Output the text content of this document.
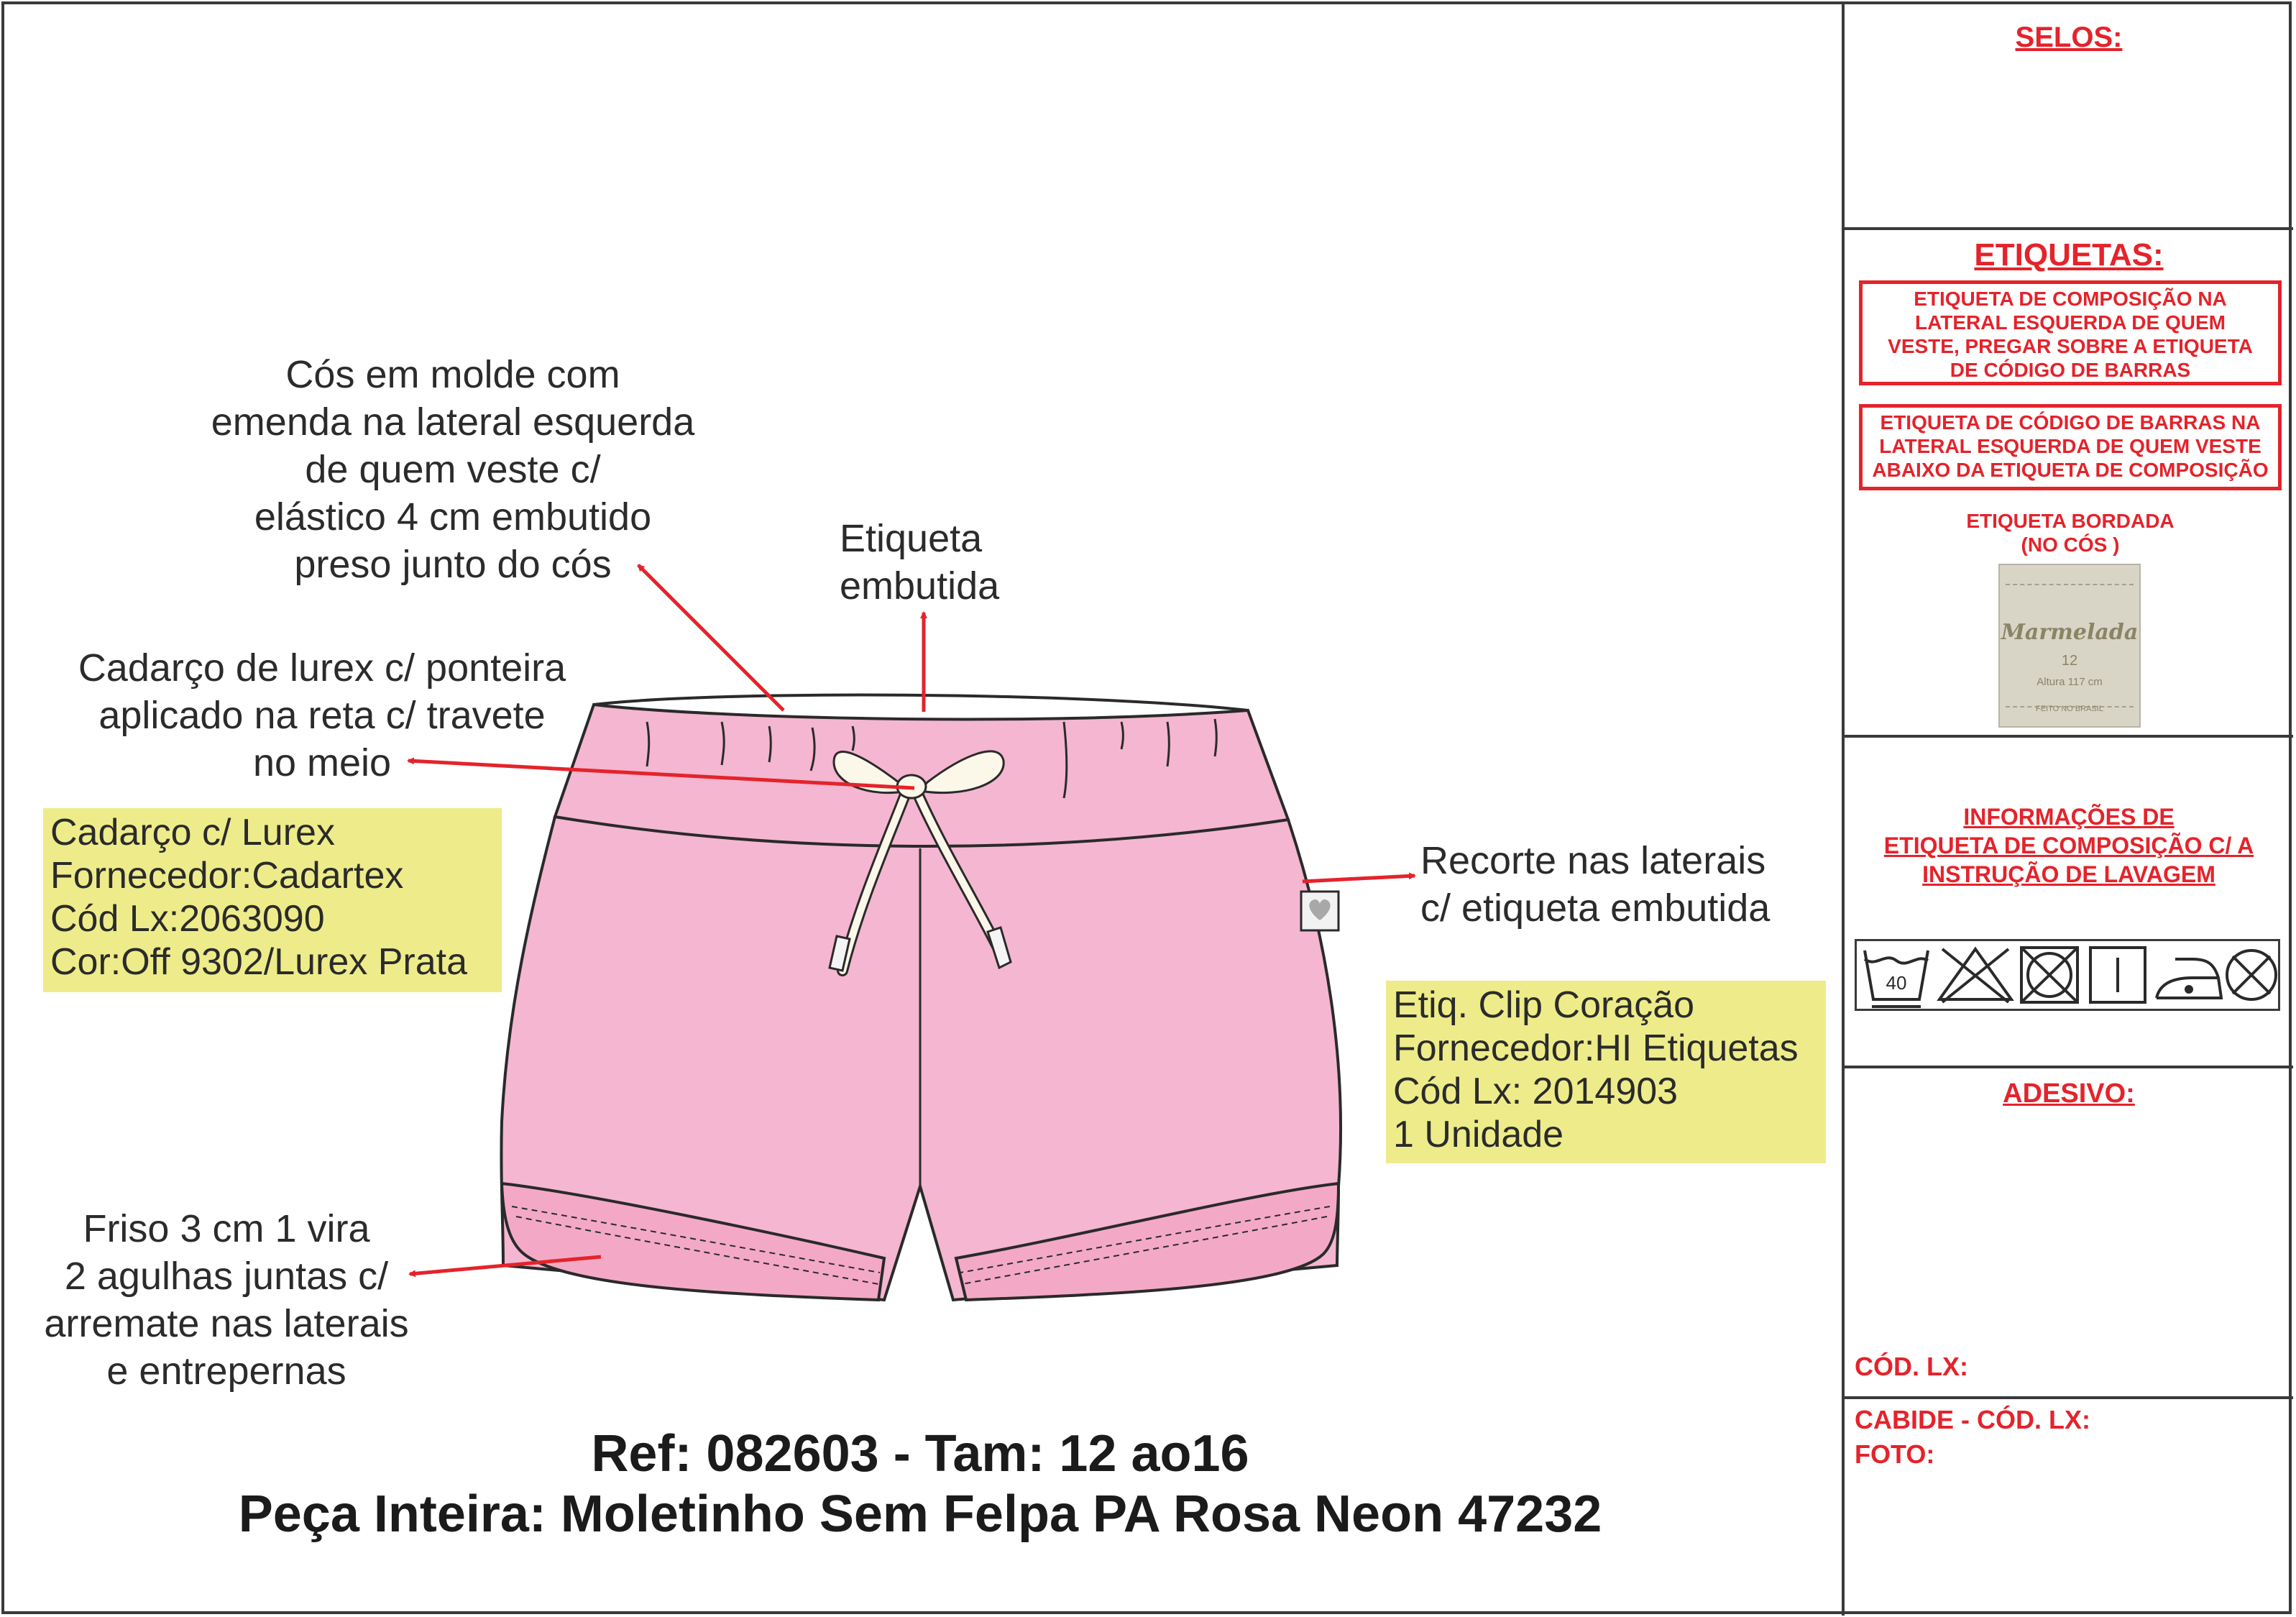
Cós em molde com
emenda na lateral esquerda
de quem veste c/
elástico 4 cm embutido
preso junto do cós
Etiqueta
embutida
Cadarço de lurex c/ ponteira
aplicado na reta c/ travete
no meio
Recorte nas laterais
c/ etiqueta embutida
Friso 3 cm 1 vira
2 agulhas juntas c/
arremate nas laterais
e entrepernas
Cadarço c/ Lurex
Fornecedor:Cadartex
Cód Lx:2063090
Cor:Off 9302/Lurex Prata
Etiq. Clip Coração
Fornecedor:HI Etiquetas
Cód Lx: 2014903
1 Unidade
Ref: 082603 - Tam: 12 ao16
Peça Inteira: Moletinho Sem Felpa PA Rosa Neon 47232
SELOS:
ETIQUETAS:
ETIQUETA DE COMPOSIÇÃO NA
LATERAL ESQUERDA DE QUEM
VESTE, PREGAR SOBRE A ETIQUETA
DE CÓDIGO DE BARRAS
ETIQUETA DE CÓDIGO DE BARRAS NA
LATERAL ESQUERDA DE QUEM VESTE
ABAIXO DA ETIQUETA DE COMPOSIÇÃO
ETIQUETA BORDADA
(NO CÓS )
Marmelada
12
Altura 117 cm
FEITO NO BRASIL
INFORMAÇÕES DE
ETIQUETA DE COMPOSIÇÃO C/ A
INSTRUÇÃO DE LAVAGEM
40
ADESIVO:
CÓD. LX:
CABIDE - CÓD. LX:
FOTO:
